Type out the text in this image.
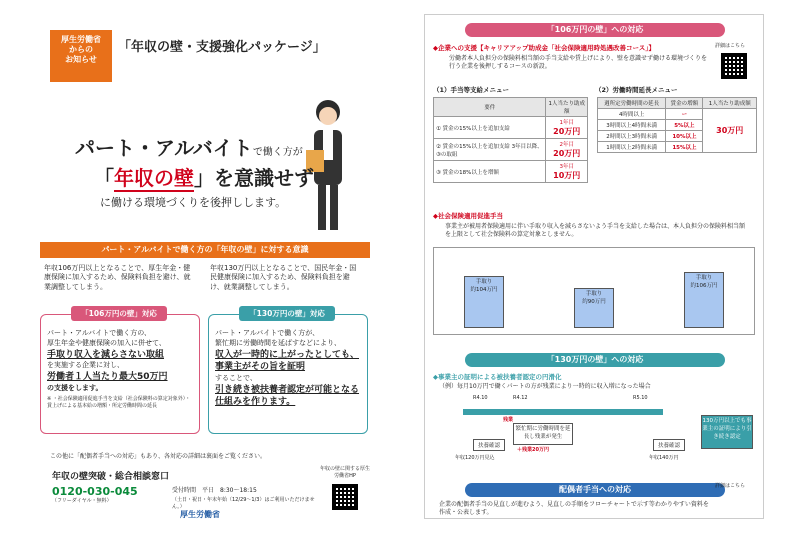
厚生労働省
からの
お知らせ
「年収の壁・支援強化パッケージ」
パート・アルバイトで働く方が
「年収の壁」を意識せず
に働ける環境づくりを後押しします。
パート・アルバイトで働く方の「年収の壁」に対する意識
年収106万円以上となることで、厚生年金・健康保険に加入するため、保険料負担を避け、就業調整してしまう。
年収130万円以上となることで、国民年金・国民健康保険に加入するため、保険料負担を避け、就業調整してしまう。
「106万円の壁」対応
パート・アルバイトで働く方の、
厚生年金や健康保険の加入に併せて、
手取り収入を減らさない取組
を実施する企業に対し、
労働者１人当たり最大50万円
の支援をします。
※ ・社会保険適用促進手当を支給（社会保険料の算定対象外）・賃上げによる基本給の増額・所定労働時間の延長
「130万円の壁」対応
パート・アルバイトで働く方が、
繁忙期に労働時間を延ばすなどにより、
収入が一時的に上がったとしても、事業主がその旨を証明
することで、
引き続き被扶養者認定が可能となる仕組みを作ります。
この他に「配偶者手当への対応」もあり、各対応の詳細は裏面をご覧ください。
年収の壁突破・総合相談窓口
0120-030-045
（フリーダイヤル・無料）
受付時間　平日　8:30～18:15
（土日・祝日・年末年始（12/29～1/3）はご利用いただけません。）
年収の壁に関する厚生労働省HP
厚生労働省
「106万円の壁」への対応
◆企業への支援【キャリアアップ助成金「社会保険適用時処遇改善コース」】	詳細はこちら
労働者本人負担分の保険料相当額の手当支給や賃上げにより、壁を意識せず働ける環境づくりを行う企業を後押しするコースの新設。
（1）手当等支給メニュー	（2）労働時間延長メニュー
要件	1人当たり助成額
① 賃金の15%以上を追加支給	1年目
20万円

② 賃金の15%以上を追加支給 3年目以降、③の取組	2年目
20万円

③ 賃金の18%以上を増額	3年目
10万円
週所定労働時間の延長	賃金の増額	1人当たり助成額
4時間以上	ー	30万円
3時間以上4時間未満	5%以上	
2時間以上3時間未満	10%以上	
1時間以上2時間未満	15%以上	
◆社会保険適用促進手当
事業主が被用者保険適用に伴い手取り収入を減らさないよう手当を支給した場合は、本人負担分の保険料相当額を上限として社会保険料の算定対象としません。
手取り
約104万円
手取り
約90万円
手取り
約106万円
「130万円の壁」への対応
◆事業主の証明による被扶養者認定の円滑化
（例）毎月10万円で働くパートの方が残業により一時的に収入増になった場合
R4.10	R4.12	R5.10
扶養確認	扶養確認
残業
繁忙期に労働時間を延長し残業が発生
＋残業20万円
年収120万円見込	年収140万円
130万円以上でも事業主の証明により引き続き認定
配偶者手当への対応
企業の配偶者手当の見直しが進むよう、見直しの手順をフローチャートで示す等わかりやすい資料を作成・公表します。
詳細はこちら
